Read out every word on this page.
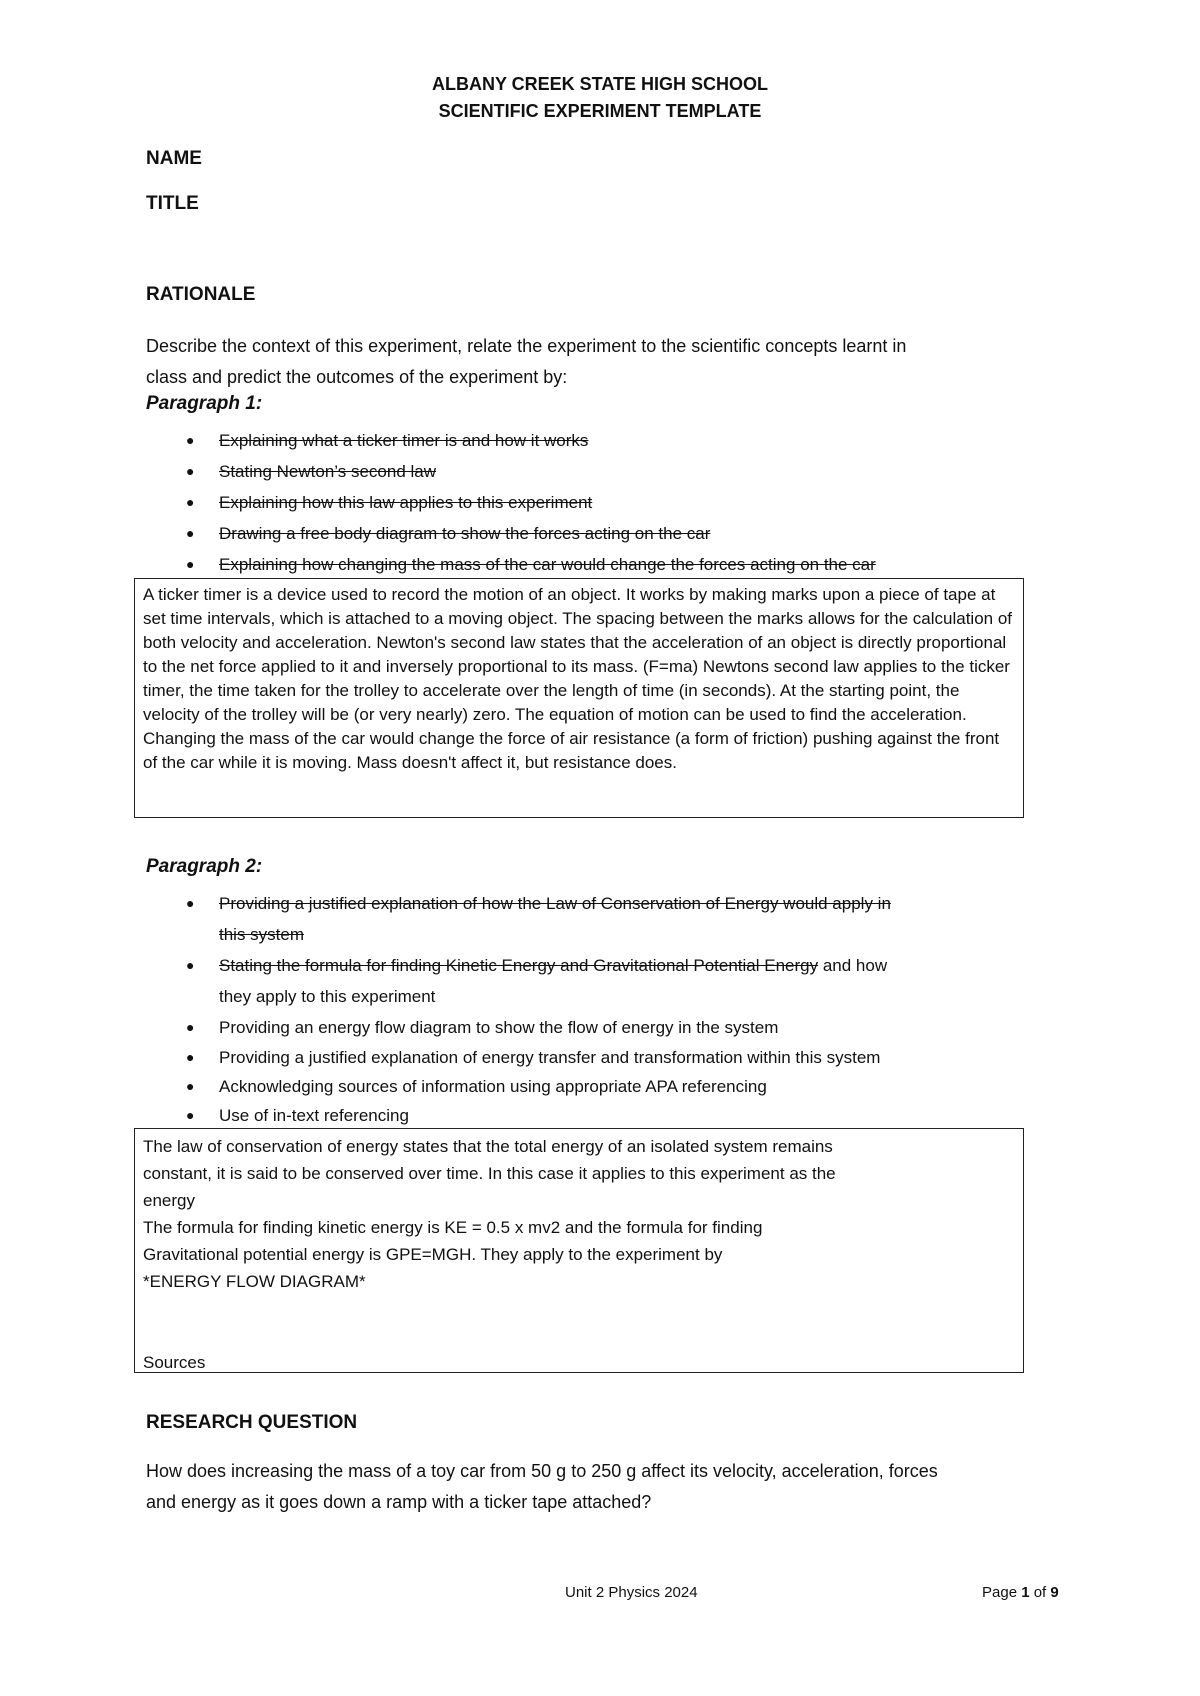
ALBANY CREEK STATE HIGH SCHOOL
SCIENTIFIC EXPERIMENT TEMPLATE
NAME
TITLE
RATIONALE
Describe the context of this experiment, relate the experiment to the scientific concepts learnt in
class and predict the outcomes of the experiment by:
Paragraph 1:
● Explaining what a ticker timer is and how it works
● Stating Newton’s second law
● Explaining how this law applies to this experiment
● Drawing a free body diagram to show the forces acting on the car
● Explaining how changing the mass of the car would change the forces acting on the car
A ticker timer is a device used to record the motion of an object. It works by making marks upon a piece of tape at set time intervals, which is attached to a moving object. The spacing between the marks allows for the calculation of both velocity and acceleration. Newton's second law states that the acceleration of an object is directly proportional to the net force applied to it and inversely proportional to its mass. (F=ma) Newtons second law applies to the ticker timer, the time taken for the trolley to accelerate over the length of time (in seconds). At the starting point, the velocity of the trolley will be (or very nearly) zero. The equation of motion can be used to find the acceleration. Changing the mass of the car would change the force of air resistance (a form of friction) pushing against the front of the car while it is moving. Mass doesn't affect it, but resistance does.
Paragraph 2:
● Providing a justified explanation of how the Law of Conservation of Energy would apply in
this system
● Stating the formula for finding Kinetic Energy and Gravitational Potential Energy and how
they apply to this experiment
● Providing an energy flow diagram to show the flow of energy in the system
● Providing a justified explanation of energy transfer and transformation within this system
● Acknowledging sources of information using appropriate APA referencing
● Use of in-text referencing
The law of conservation of energy states that the total energy of an isolated system remains
constant, it is said to be conserved over time. In this case it applies to this experiment as the
energy
The formula for finding kinetic energy is KE = 0.5 x mv2 and the formula for finding
Gravitational potential energy is GPE=MGH. They apply to the experiment by
*ENERGY FLOW DIAGRAM*
Sources
RESEARCH QUESTION
How does increasing the mass of a toy car from 50 g to 250 g affect its velocity, acceleration, forces
and energy as it goes down a ramp with a ticker tape attached?
Unit 2 Physics 2024	Page 1 of 9
